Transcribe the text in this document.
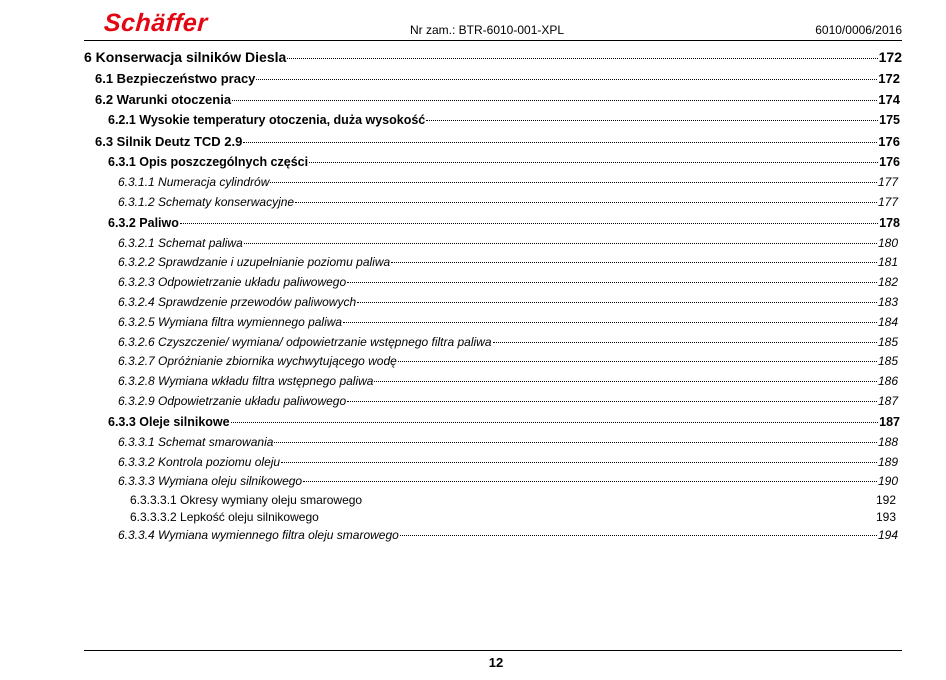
Schäffer	Nr zam.: BTR-6010-001-XPL	6010/0006/2016
6 Konserwacja silników Diesla	172
6.1 Bezpieczeństwo pracy	172
6.2 Warunki otoczenia	174
6.2.1 Wysokie temperatury otoczenia, duża wysokość	175
6.3 Silnik Deutz TCD 2.9	176
6.3.1 Opis poszczególnych części	176
6.3.1.1 Numeracja cylindrów	177
6.3.1.2 Schematy konserwacyjne	177
6.3.2 Paliwo	178
6.3.2.1 Schemat paliwa	180
6.3.2.2 Sprawdzanie i uzupełnianie poziomu paliwa	181
6.3.2.3 Odpowietrzanie układu paliwowego	182
6.3.2.4 Sprawdzenie przewodów paliwowych	183
6.3.2.5 Wymiana filtra wymiennego paliwa	184
6.3.2.6 Czyszczenie/ wymiana/ odpowietrzanie wstępnego filtra paliwa	185
6.3.2.7 Opróżnianie zbiornika wychwytującego wodę	185
6.3.2.8 Wymiana wkładu filtra wstępnego paliwa	186
6.3.2.9 Odpowietrzanie układu paliwowego	187
6.3.3 Oleje silnikowe	187
6.3.3.1 Schemat smarowania	188
6.3.3.2 Kontrola poziomu oleju	189
6.3.3.3 Wymiana oleju silnikowego	190
6.3.3.3.1 Okresy wymiany oleju smarowego	192
6.3.3.3.2 Lepkość oleju silnikowego	193
6.3.3.4 Wymiana wymiennego filtra oleju smarowego	194
12
